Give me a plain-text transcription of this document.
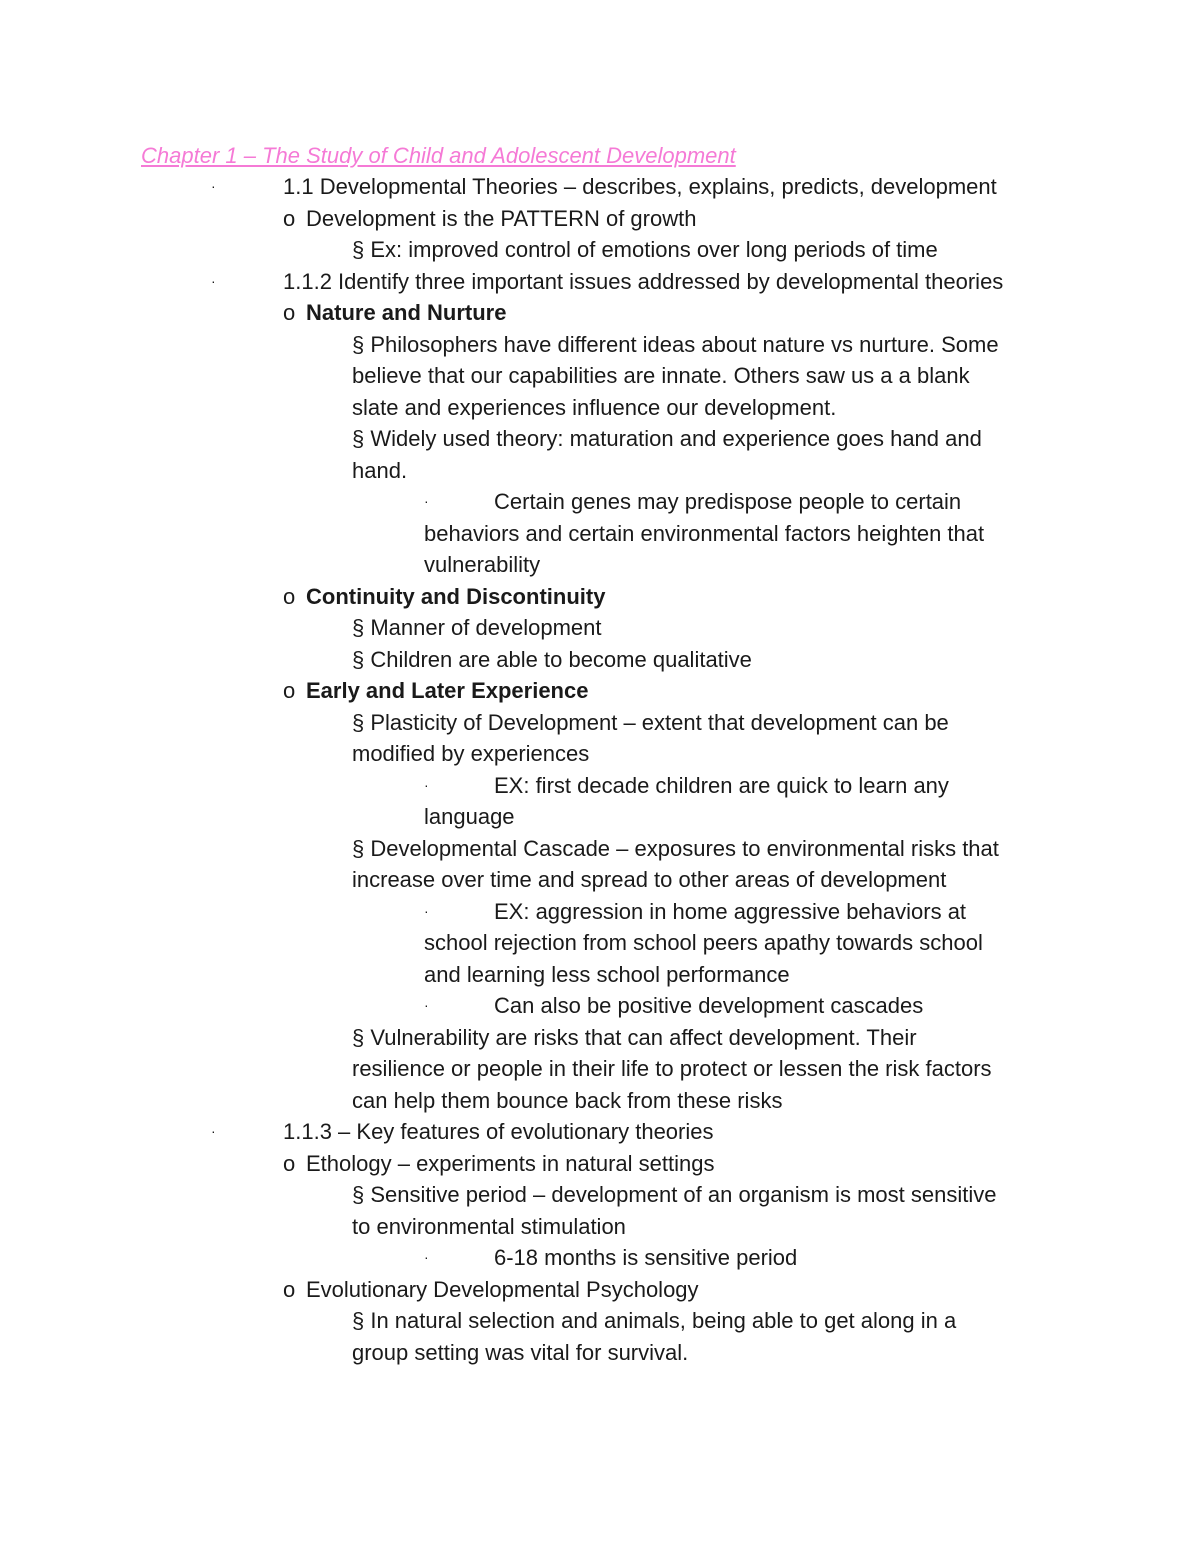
Chapter 1 – The Study of Child and Adolescent Development
·	1.1 Developmental Theories – describes, explains, predicts, development
o Development is the PATTERN of growth
§ Ex: improved control of emotions over long periods of time
·	1.1.2 Identify three important issues addressed by developmental theories
o Nature and Nurture
§ Philosophers have different ideas about nature vs nurture. Some
believe that our capabilities are innate. Others saw us a a blank
slate and experiences influence our development.
§ Widely used theory: maturation and experience goes hand and
hand.
·	Certain genes may predispose people to certain
behaviors and certain environmental factors heighten that
vulnerability
o Continuity and Discontinuity
§ Manner of development
§ Children are able to become qualitative
o Early and Later Experience
§ Plasticity of Development – extent that development can be
modified by experiences
·	EX: first decade children are quick to learn any
language
§ Developmental Cascade – exposures to environmental risks that
increase over time and spread to other areas of development
·	EX: aggression in home aggressive behaviors at
school rejection from school peers apathy towards school
and learning less school performance
·	Can also be positive development cascades
§ Vulnerability are risks that can affect development. Their
resilience or people in their life to protect or lessen the risk factors
can help them bounce back from these risks
·	1.1.3 – Key features of evolutionary theories
o Ethology – experiments in natural settings
§ Sensitive period – development of an organism is most sensitive
to environmental stimulation
·	6-18 months is sensitive period
o Evolutionary Developmental Psychology
§ In natural selection and animals, being able to get along in a
group setting was vital for survival.
